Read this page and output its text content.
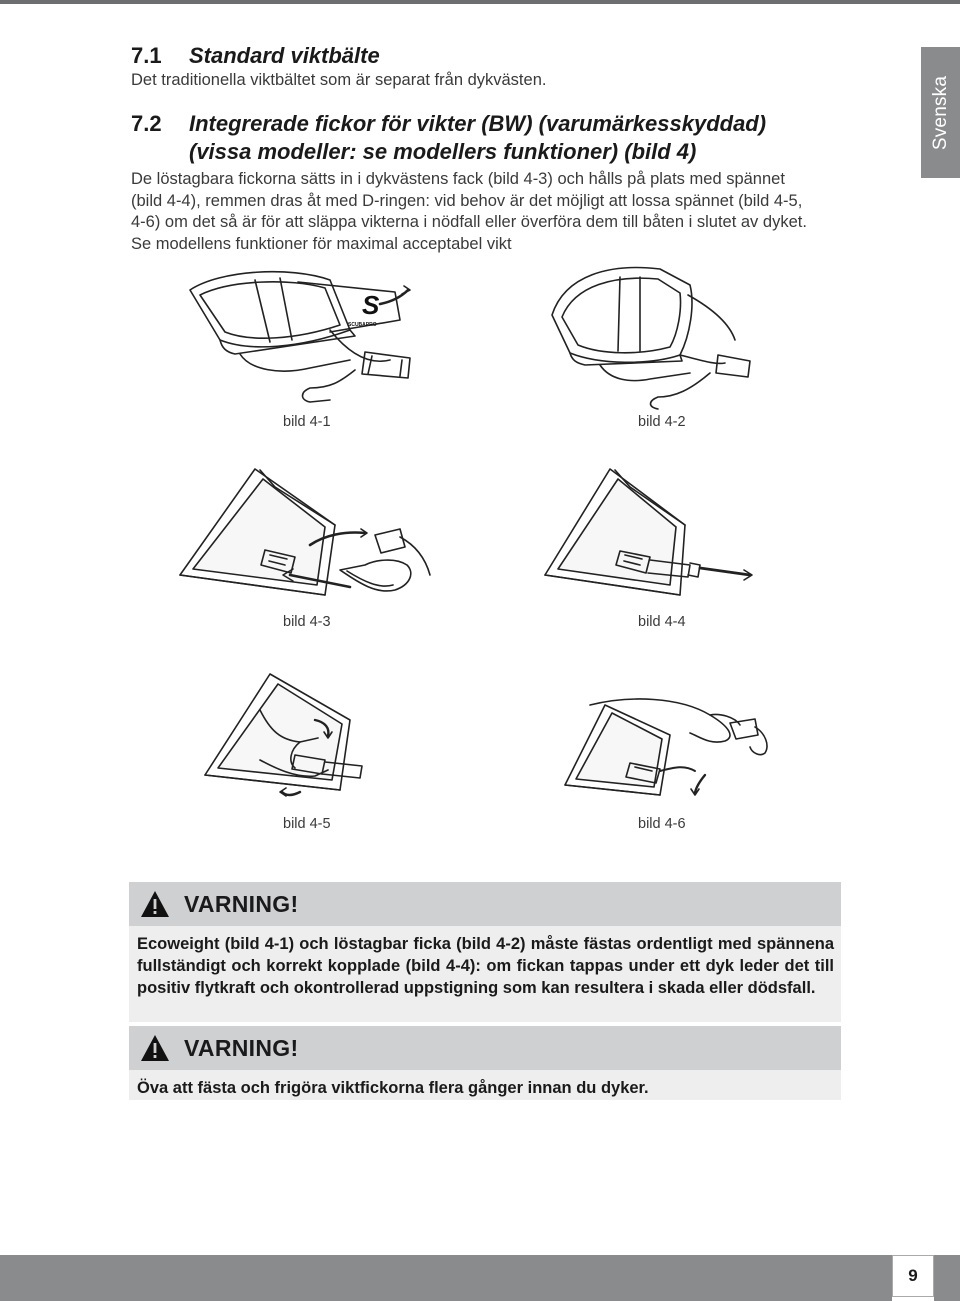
Svenska
7.1 Standard viktbälte
Det traditionella viktbältet som är separat från dykvästen.
7.2 Integrerade fickor för vikter (BW) (varumärkesskyddad)
(vissa modeller: se modellers funktioner) (bild 4)
De löstagbara fickorna sätts in i dykvästens fack (bild 4-3) och hålls på plats med spännet
(bild 4-4), remmen dras åt med D-ringen: vid behov är det möjligt att lossa spännet (bild 4-5,
4-6) om det så är för att släppa vikterna i nödfall eller överföra dem till båten i slutet av dyket.
Se modellens funktioner för maximal acceptabel vikt
S
SCUBAPRO
bild 4-1	bild 4-2
bild 4-3	bild 4-4
bild 4-5	bild 4-6
VARNING!
Ecoweight (bild 4-1) och löstagbar ficka (bild 4-2) måste fästas ordentligt med spännena fullständigt och korrekt kopplade (bild 4-4): om fickan tappas under ett dyk leder det till positiv flytkraft och okontrollerad uppstigning som kan resultera i skada eller dödsfall.
VARNING!
Öva att fästa och frigöra viktfickorna flera gånger innan du dyker.
9
